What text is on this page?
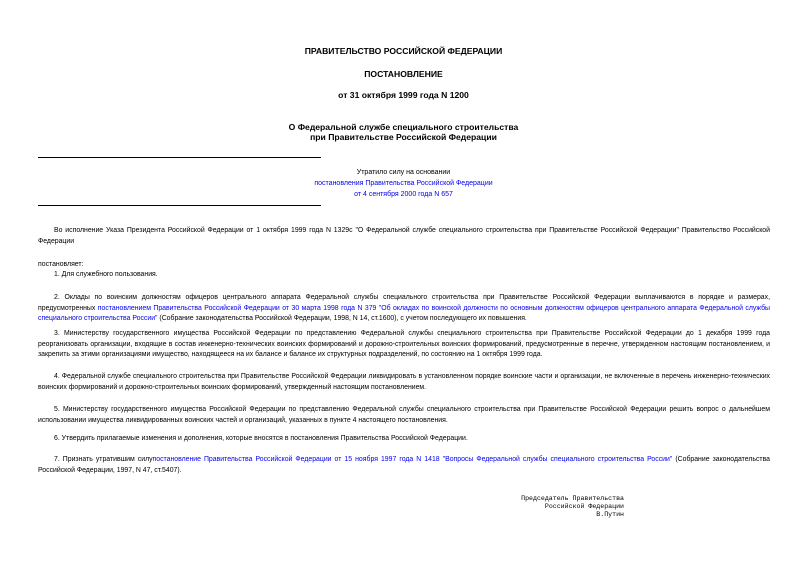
ПРАВИТЕЛЬСТВО РОССИЙСКОЙ ФЕДЕРАЦИИ
ПОСТАНОВЛЕНИЕ
от 31 октября 1999 года N 1200
О Федеральной службе специального строительства
при Правительстве Российской Федерации
Утратило силу на основании
постановления Правительства Российской Федерации
от 4 сентября 2000 года N 657
Во исполнение Указа Президента Российской Федерации от 1 октября 1999 года N 1329с "О Федеральной службе специального строительства при Правительстве Российской Федерации" Правительство Российской Федерации
постановляет:
1. Для служебного пользования.
2. Оклады по воинским должностям офицеров центрального аппарата Федеральной службы специального строительства при Правительстве Российской Федерации выплачиваются в порядке и размерах, предусмотренных постановлением Правительства Российской Федерации от 30 марта 1998 года N 379 "Об окладах по воинской должности по основным должностям офицеров центрального аппарата Федеральной службы специального строительства России" (Собрание законодательства Российской Федерации, 1998, N 14, ст.1600), с учетом последующего их повышения.
3. Министерству государственного имущества Российской Федерации по представлению Федеральной службы специального строительства при Правительстве Российской Федерации до 1 декабря 1999 года реорганизовать организации, входящие в состав инженерно-технических воинских формирований и дорожно-строительных воинских формирований, предусмотренные в перечне, утвержденном настоящим постановлением, и закрепить за этими организациями имущество, находящееся на их балансе и балансе их структурных подразделений, по состоянию на 1 октября 1999 года.
4. Федеральной службе специального строительства при Правительстве Российской Федерации ликвидировать в установленном порядке воинские части и организации, не включенные в перечень инженерно-технических воинских формирований и дорожно-строительных воинских формирований, утвержденный настоящим постановлением.
5. Министерству государственного имущества Российской Федерации по представлению Федеральной службы специального строительства при Правительстве Российской Федерации решить вопрос о дальнейшем использовании имущества ликвидированных воинских частей и организаций, указанных в пункте 4 настоящего постановления.
6. Утвердить прилагаемые изменения и дополнения, которые вносятся в постановления Правительства Российской Федерации.
7. Признать утратившим силупостановление Правительства Российской Федерации от 15 ноября 1997 года N 1418 "Вопросы Федеральной службы специального строительства России" (Собрание законодательства Российской Федерации, 1997, N 47, ст.5407).
Председатель Правительства
Российской Федерации
В.Путин
